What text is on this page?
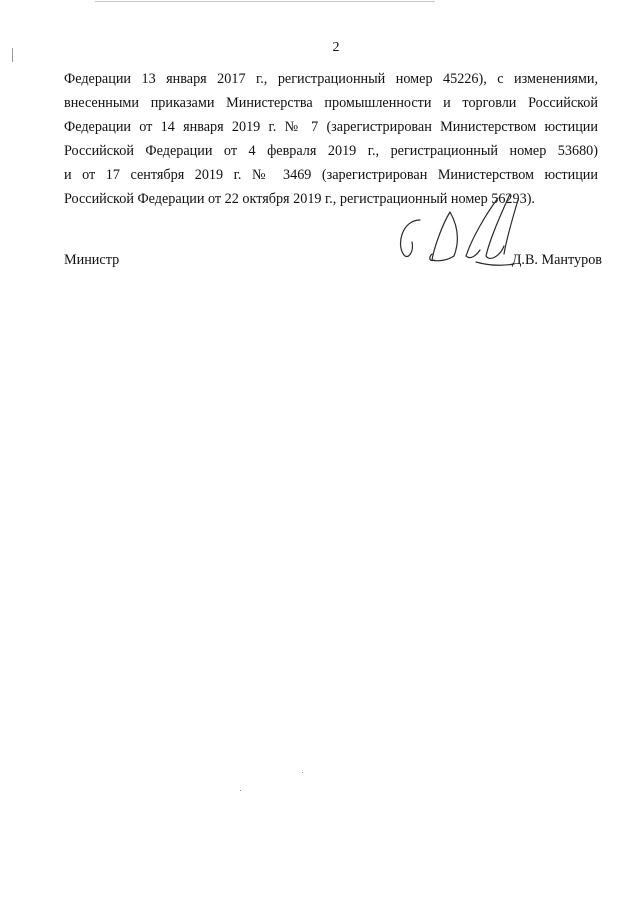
2
Федерации 13 января 2017 г., регистрационный номер 45226), с изменениями,
внесенными приказами Министерства промышленности и торговли Российской
Федерации от 14 января 2019 г. № 7 (зарегистрирован Министерством юстиции
Российской Федерации от 4 февраля 2019 г., регистрационный номер 53680)
и от 17 сентября 2019 г. № 3469 (зарегистрирован Министерством юстиции
Российской Федерации от 22 октября 2019 г., регистрационный номер 56293).
Министр	Д.В. Мантуров
